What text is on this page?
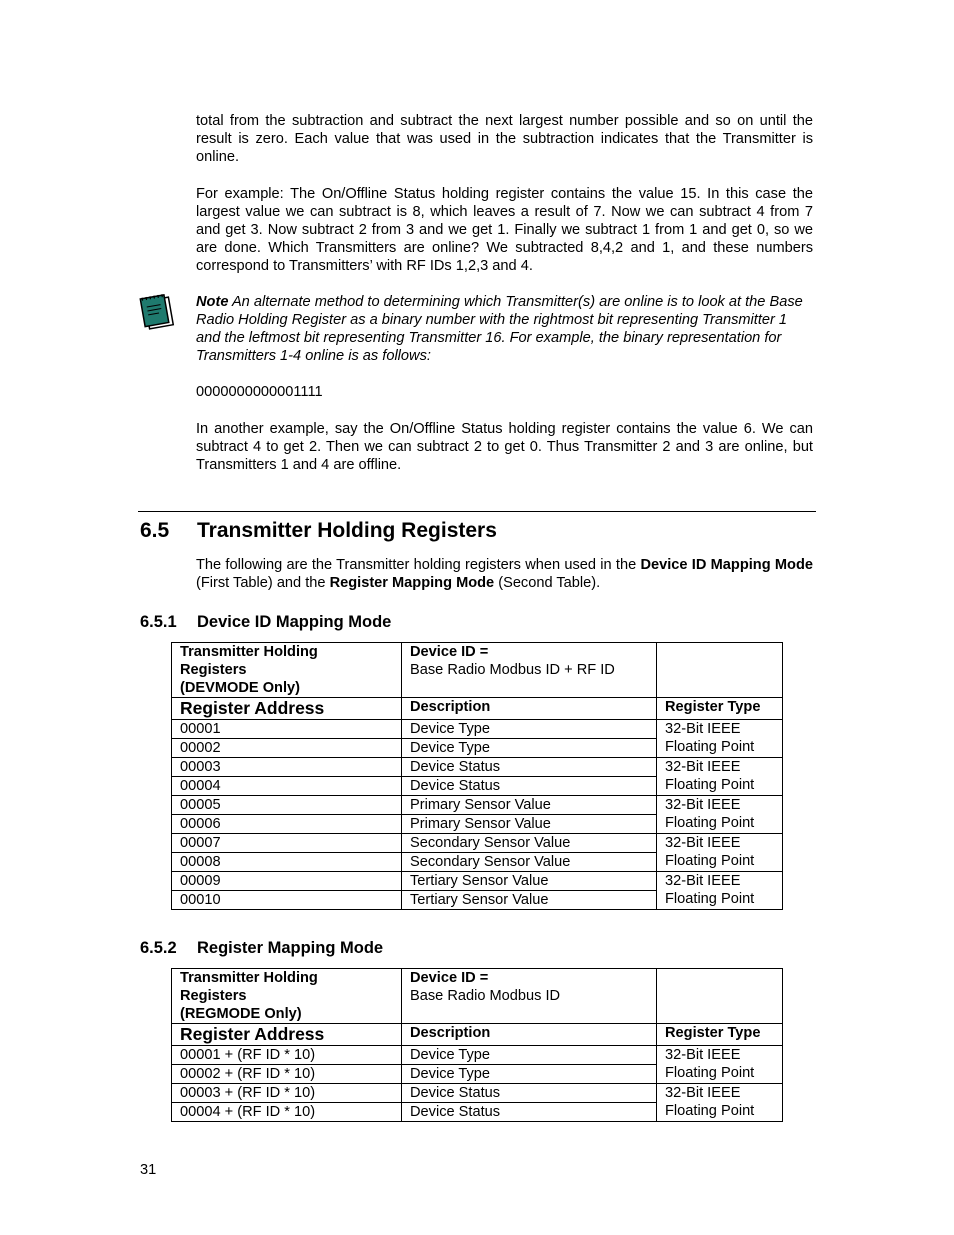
total from the subtraction and subtract the next largest number possible and so on until the result is zero. Each value that was used in the subtraction indicates that the Transmitter is online.

For example: The On/Offline Status holding register contains the value 15. In this case the largest value we can subtract is 8, which leaves a result of 7. Now we can subtract 4 from 7 and get 3. Now subtract 2 from 3 and we get 1. Finally we subtract 1 from 1 and get 0, so we are done. Which Transmitters are online? We subtracted 8,4,2 and 1, and these numbers correspond to Transmitters’ with RF IDs 1,2,3 and 4.

Note An alternate method to determining which Transmitter(s) are online is to look at the Base Radio Holding Register as a binary number with the rightmost bit representing Transmitter 1 and the leftmost bit representing Transmitter 16. For example, the binary representation for Transmitters 1-4 online is as follows:

0000000000001111

In another example, say the On/Offline Status holding register contains the value 6. We can subtract 4 to get 2. Then we can subtract 2 to get 0. Thus Transmitter 2 and 3 are online, but Transmitters 1 and 4 are offline.

6.5 Transmitter Holding Registers

The following are the Transmitter holding registers when used in the Device ID Mapping Mode (First Table) and the Register Mapping Mode (Second Table).

6.5.1 Device ID Mapping Mode
Transmitter Holding
Registers
(DEVMODE Only)	Device ID =
Base Radio Modbus ID + RF ID	
Register Address	Description	Register Type
00001	Device Type	32-Bit IEEE
Floating Point
00002	Device Type	
00003	Device Status	32-Bit IEEE
Floating Point
00004	Device Status	
00005	Primary Sensor Value	32-Bit IEEE
Floating Point
00006	Primary Sensor Value	
00007	Secondary Sensor Value	32-Bit IEEE
Floating Point
00008	Secondary Sensor Value	
00009	Tertiary Sensor Value	32-Bit IEEE
Floating Point
00010	Tertiary Sensor Value	
6.5.2 Register Mapping Mode
Transmitter Holding
Registers
(REGMODE Only)	Device ID =
Base Radio Modbus ID	
Register Address	Description	Register Type
00001 + (RF ID * 10)	Device Type	32-Bit IEEE
Floating Point
00002 + (RF ID * 10)	Device Type	
00003 + (RF ID * 10)	Device Status	32-Bit IEEE
Floating Point
00004 + (RF ID * 10)	Device Status	

31
